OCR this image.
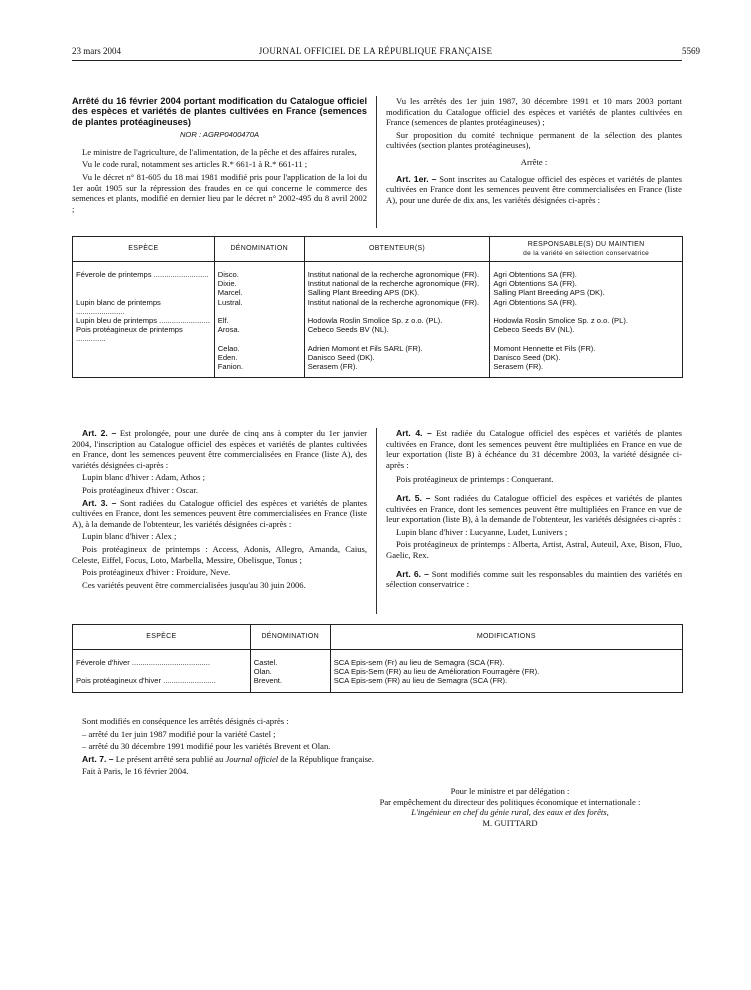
23 mars 2004	JOURNAL OFFICIEL DE LA RÉPUBLIQUE FRANÇAISE	5569
Arrêté du 16 février 2004 portant modification du Catalogue officiel des espèces et variétés de plantes cultivées en France (semences de plantes protéagineuses)
NOR : AGRP0400470A

Le ministre de l'agriculture, de l'alimentation, de la pêche et des affaires rurales,

Vu le code rural, notamment ses articles R.* 661-1 à R.* 661-11 ;

Vu le décret n° 81-605 du 18 mai 1981 modifié pris pour l'application de la loi du 1er août 1905 sur la répression des fraudes en ce qui concerne le commerce des semences et plants, modifié en dernier lieu par le décret n° 2002-495 du 8 avril 2002 ;

Vu les arrêtés des 1er juin 1987, 30 décembre 1991 et 10 mars 2003 portant modification du Catalogue officiel des espèces et variétés de plantes cultivées en France (semences de plantes protéagineuses) ;

Sur proposition du comité technique permanent de la sélection des plantes cultivées (section plantes protéagineuses),

Arrête :

Art. 1er. – Sont inscrites au Catalogue officiel des espèces et variétés de plantes cultivées en France dont les semences peuvent être commercialisées en France (liste A), pour une durée de dix ans, les variétés désignées ci-après :

ESPÈCE	DÉNOMINATION	OBTENTEUR(S)	RESPONSABLE(S) DU MAINTIEN
de la variété en sélection conservatrice

Féverole de printemps ..........................	Disco.	Institut national de la recherche agronomique (FR).	Agri Obtentions SA (FR).
	Dixie.	Institut national de la recherche agronomique (FR).	Agri Obtentions SA (FR).
	Marcel.	Salling Plant Breeding APS (DK).	Salling Plant Breeding APS (DK).
Lupin blanc de printemps .......................	Lustral.	Institut national de la recherche agronomique (FR).	Agri Obtentions SA (FR).
Lupin bleu de printemps ........................	Elf.	Hodowla Roslin Smolice Sp. z o.o. (PL).	Hodowla Roslin Smolice Sp. z o.o. (PL).
Pois protéagineux de printemps ..............	Arosa.	Cebeco Seeds BV (NL).	Cebeco Seeds BV (NL).
	Celao.	Adrien Momont et Fils SARL (FR).	Momont Hennette et Fils (FR).
	Eden.	Danisco Seed (DK).	Danisco Seed (DK).
	Fanion.	Serasem (FR).	Serasem (FR).

Art. 2. – Est prolongée, pour une durée de cinq ans à compter du 1er janvier 2004, l'inscription au Catalogue officiel des espèces et variétés de plantes cultivées en France, dont les semences peuvent être commercialisées en France (liste A), des variétés désignées ci-après :

Lupin blanc d'hiver : Adam, Athos ;

Pois protéagineux d'hiver : Oscar.

Art. 3. – Sont radiées du Catalogue officiel des espèces et variétés de plantes cultivées en France, dont les semences peuvent être commercialisées en France (liste A), à la demande de l'obtenteur, les variétés désignées ci-après :

Lupin blanc d'hiver : Alex ;

Pois protéagineux de printemps : Access, Adonis, Allegro, Amanda, Caius, Celeste, Eiffel, Focus, Loto, Marbella, Messire, Obelisque, Tonus ;

Pois protéagineux d'hiver : Froidure, Neve.

Ces variétés peuvent être commercialisées jusqu'au 30 juin 2006.

Art. 4. – Est radiée du Catalogue officiel des espèces et variétés de plantes cultivées en France, dont les semences peuvent être multipliées en France en vue de leur exportation (liste B) à échéance du 31 décembre 2003, la variété désignée ci-après :

Pois protéagineux de printemps : Conquerant.

Art. 5. – Sont radiées du Catalogue officiel des espèces et variétés de plantes cultivées en France, dont les semences peuvent être multipliées en France en vue de leur exportation (liste B), à la demande de l'obtenteur, les variétés désignées ci-après :

Lupin blanc d'hiver : Lucyanne, Ludet, Lunivers ;

Pois protéagineux de printemps : Alberta, Artist, Astral, Auteuil, Axe, Bison, Fluo, Gaelic, Rex.

Art. 6. – Sont modifiés comme suit les responsables du maintien des variétés en sélection conservatrice :

ESPÈCE	DÉNOMINATION	MODIFICATIONS
Féverole d'hiver .....................................	Castel.	SCA Epis-sem (Fr) au lieu de Semagra (SCA (FR).
	Olan.	SCA Epis-Sem (FR) au lieu de Amélioration Fourragère (FR).
Pois protéagineux d'hiver .........................	Brevent.	SCA Epis-sem (FR) au lieu de Semagra (SCA (FR).

Sont modifiés en conséquence les arrêtés désignés ci-après :

– arrêté du 1er juin 1987 modifié pour la variété Castel ;

– arrêté du 30 décembre 1991 modifié pour les variétés Brevent et Olan.

Art. 7. – Le présent arrêté sera publié au Journal officiel de la République française.

Fait à Paris, le 16 février 2004.

Pour le ministre et par délégation :
Par empêchement du directeur des politiques économique et internationale :
L'ingénieur en chef du génie rural, des eaux et des forêts,
M. GUITTARD
